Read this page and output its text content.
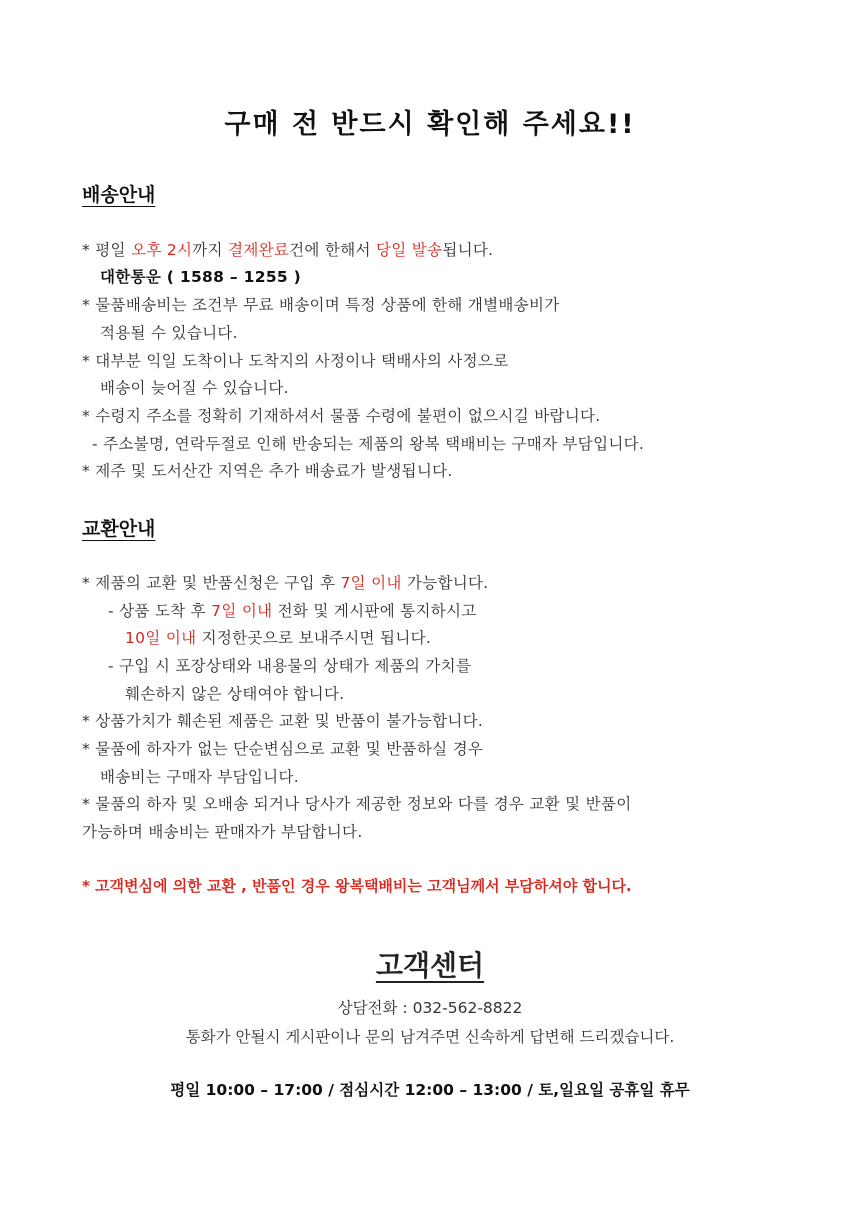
구매 전 반드시 확인해 주세요!!
배송안내
* 평일 오후 2시까지 결제완료건에 한해서 당일 발송됩니다.
대한통운 ( 1588 – 1255 )
* 물품배송비는 조건부 무료 배송이며 특정 상품에 한해 개별배송비가
적용될 수 있습니다.
* 대부분 익일 도착이나 도착지의 사정이나 택배사의 사정으로
배송이 늦어질 수 있습니다.
* 수령지 주소를 정확히 기재하셔서 물품 수령에 불편이 없으시길 바랍니다.
- 주소불명, 연락두절로 인해 반송되는 제품의 왕복 택배비는 구매자 부담입니다.
* 제주 및 도서산간 지역은 추가 배송료가 발생됩니다.
교환안내
* 제품의 교환 및 반품신청은 구입 후 7일 이내 가능합니다.
- 상품 도착 후 7일 이내 전화 및 게시판에 통지하시고
10일 이내 지정한곳으로 보내주시면 됩니다.
- 구입 시 포장상태와 내용물의 상태가 제품의 가치를
훼손하지 않은 상태여야 합니다.
* 상품가치가 훼손된 제품은 교환 및 반품이 불가능합니다.
* 물품에 하자가 없는 단순변심으로 교환 및 반품하실 경우
배송비는 구매자 부담입니다.
* 물품의 하자 및 오배송 되거나 당사가 제공한 정보와 다를 경우 교환 및 반품이
가능하며 배송비는 판매자가 부담합니다.
* 고객변심에 의한 교환 , 반품인 경우 왕복택배비는 고객님께서 부담하셔야 합니다.
고객센터
상담전화 : 032-562-8822
통화가 안될시 게시판이나 문의 남겨주면 신속하게 답변해 드리겠습니다.
평일 10:00 – 17:00 / 점심시간 12:00 – 13:00 / 토,일요일 공휴일 휴무
